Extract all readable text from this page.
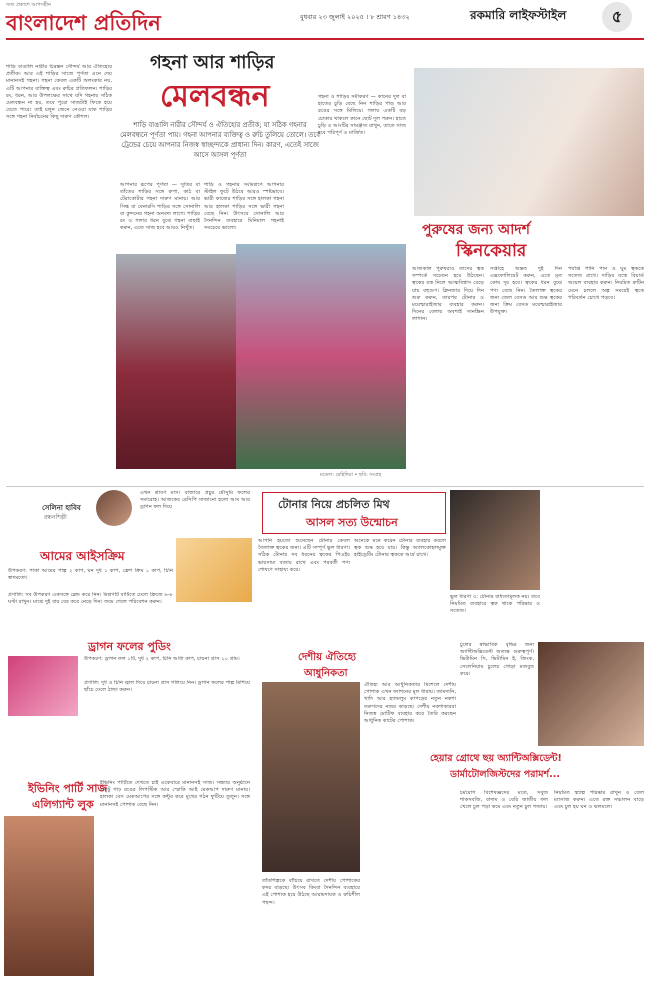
সত্য প্রকাশে আপসহীন
বাংলাদেশ প্রতিদিন	বুধবার ২৩ জুলাই ২০২৫ । ৮ শ্রাবণ ১৪৩২	রকমারি লাইফস্টাইল	৫
শাড়ি বাঙালি নারীর চিরন্তন সৌন্দর্য আর ঐতিহ্যের প্রতীক। আর এই শাড়ির সাজে পূর্ণতা এনে দেয় মানানসই গহনা। গহনা কেবল একটি অলংকার নয়, এটি আপনার ব্যক্তিত্ব এবং রুচির প্রতিফলন। শাড়ির রং, ধরন, আর উপলক্ষের সাথে যদি গহনার সঠিক মেলবন্ধন না হয়, তবে পুরো সাজটাই ফিকে হয়ে যেতে পারে। তাই চলুন জেনে নেওয়া যাক শাড়ির সঙ্গে গহনা নির্বাচনের কিছু দারুণ কৌশল।
গহনা আর শাড়ির
মেলবন্ধন
শাড়ি বাঙালি নারীর সৌন্দর্য ও ঐতিহ্যের প্রতীক; যা সঠিক গহনার মেলবন্ধনে পূর্ণতা পায়। গহনা আপনার ব্যক্তিত্ব ও রুচি তুলিয়ে তোলে। তবে ট্রেন্ডের চেয়ে আপনার নিজস্ব স্বাচ্ছন্দ্যকে প্রাধান্য দিন। কারণ, এতেই সাজে আসে আসল পূর্ণতা
আপনার রূপের পূর্ণতা — সুতির বা তাঁতের শাড়ির সঙ্গে রুপা, কাঠ বা টেরাকোটার গহনা দারুণ মানায়। আর সিল্ক বা বেনারসি শাড়ির সঙ্গে সোনালি বা কুন্দনের গহনা অনবদ্য লাগে। শাড়ির রং ও গলার ধরন বুঝে গহনা বাছাই করুন, এতে সাজ হবে আরও নিখুঁত।
শাড়ি ও গহনার সংমিশ্রণে আপনার স্টাইল ফুটে উঠবে আরও স্পষ্টভাবে। ভারী কাজের শাড়ির সঙ্গে হালকা গহনা আর হালকা শাড়ির সঙ্গে ভারী গহনা বেছে নিন। উৎসবে সোনালি আর দৈনন্দিন ব্যবহারে মিনিমাল গহনাই সবচেয়ে ভালো।
গহনা ও শাড়ির সমীকরণ — কানের দুল বা হাতের চুড়ি বেছে নিন শাড়ির পাড় আর রঙের সঙ্গে মিলিয়ে। গলায় একটি বড় চোকার থাকলে কানে ছোট দুল পরুন। হাতে চুড়ি ও আংটির সামঞ্জস্য রাখুন, তাতে সাজ হবে পরিপূর্ণ ও মার্জিত।
মডেল: মেহিদিয়া • ছবি: সংগ্রহ
পুরুষের জন্য আদর্শ
স্কিনকেয়ার
আজকাল পুরুষরাও তাদের ত্বক সম্পর্কে সচেতন হয়ে উঠছেন। ত্বকের যত্ন নিলে আত্মবিশ্বাস বেড়ে যায় বহুগুণ। ক্লিনজার দিয়ে দিন শুরু করুন, তারপর টোনার ও ময়েশ্চারাইজার ব্যবহার করুন। দিনের বেলায় অবশ্যই সানস্ক্রিন লাগান।
সপ্তাহে অন্তত দুই দিন এক্সফোলিয়েট করুন, এতে মৃত কোষ দূর হবে। ত্বকের ধরন বুঝে পণ্য বেছে নিন। তৈলাক্ত ত্বকের জন্য জেল বেসড আর শুষ্ক ত্বকের জন্য ক্রিম বেসড ময়েশ্চারাইজার উপযুক্ত।
পর্যাপ্ত পানি পান ও ঘুম ত্বককে সতেজ রাখে। দাড়ির যত্নে বিয়ার্ড অয়েল ব্যবহার করুন। নিয়মিত রুটিন মেনে চললে অল্প সময়েই ত্বকে পরিবর্তন চোখে পড়বে।
সেলিনা হাবিব
রন্ধনশিল্পী
এখন শ্রাবণ মাস। বাজারে প্রচুর মৌসুমি ফলের সমারোহ। আজকের রেসিপি সাজানো হলো আম আর ড্রাগন ফল দিয়ে
আমের আইসক্রিম
উপকরণ: পাকা আমের পাল্প ২ কাপ, ঘন দুধ ১ কাপ, ফ্রেশ ক্রিম ১ কাপ, চিনি স্বাদমতো।
প্রণালি: সব উপকরণ একসঙ্গে ব্লেন্ড করে নিন। মিশ্রণটি বাটিতে ঢেলে ফ্রিজে ৬-৮ ঘণ্টা রাখুন। মাঝে দুই বার বের করে নেড়ে দিন। জমে গেলে পরিবেশন করুন।
ড্রাগন ফলের পুডিং
উপকরণ: ড্রাগন ফল ১টি, দুধ ২ কাপ, চিনি আধা কাপ, চায়না গ্রাস ১০ গ্রাম।
প্রণালি: দুধ ও চিনি জ্বাল দিয়ে চায়না গ্রাস গলিয়ে নিন। ড্রাগন ফলের পাল্প মিশিয়ে ছাঁচে ঢেলে ঠান্ডা করুন।
টোনার নিয়ে প্রচলিত মিথ
আসল সত্য উন্মোচন
আপনি হয়তো শুনেছেন টোনার কেবল তৈলাক্ত ত্বকের জন্য। এটি সম্পূর্ণ ভুল ধারণা। সঠিক টোনার সব ধরনের ত্বকের পিএইচ ভারসাম্য বজায় রাখে এবং পরবর্তী পণ্য শোষণে সাহায্য করে।
অনেকে মনে করেন টোনার ব্যবহার করলে ত্বক শুষ্ক হয়ে যায়। কিন্তু অ্যালকোহলমুক্ত হাইড্রেটিং টোনার ত্বককে আর্দ্র রাখে।
ভুল ধারণা ৩: টোনার বাধ্যতামূলক নয়। তবে নিয়মিত ব্যবহারে ত্বক থাকে পরিষ্কার ও সতেজ।
দেশীয় ঐতিহ্যে
আধুনিকতা
ঐতিহ্য আর আধুনিকতার মিশেলে দেশীয় পোশাক এখন ফ্যাশনের মূল ধারায়। জামদানি, খাদি আর হ্যান্ডলুম কাপড়ের নতুন নকশা তরুণদের নজর কাড়ছে। দেশীয় নকশাকাররা নিজস্ব মোটিফ ব্যবহার করে তৈরি করছেন আধুনিক কাটের পোশাক।
তাঁতশিল্পকে বাঁচিয়ে রাখতে দেশীয় পোশাকের কদর বাড়ছে। উৎসব কিংবা দৈনন্দিন ব্যবহারে এই পোশাক হয়ে উঠছে আরামদায়ক ও রুচিশীল পছন্দ।
ইভিনিং পার্টি সাজ
এলিগ্যান্ট লুক
ইভিনিং পার্টিতে দেখতে চাই একেবারে মানানসই সাজ। সন্ধ্যার অনুষ্ঠানে একটু গাঢ় রঙের লিপস্টিক আর স্মোকি আই মেকআপ দারুণ মানায়। হালকা বেস মেকআপের সঙ্গে কন্টুর করে মুখের গঠন ফুটিয়ে তুলুন। সঙ্গে মানানসই পোশাক বেছে নিন।
চুলের স্বাভাবিক বৃদ্ধির জন্য অ্যান্টিঅক্সিডেন্ট অত্যন্ত গুরুত্বপূর্ণ। ভিটামিন সি, ভিটামিন ই, জিংক, সেলেনিয়াম চুলের গোড়া মজবুত করে।
হেয়ার গ্রোথে ছয় অ্যান্টিঅক্সিডেন্ট!
ডার্মাটোলজিস্টদের পরামর্শ...
চর্মরোগ বিশেষজ্ঞদের মতে, সবুজ শাকসবজি, বাদাম ও বেরি জাতীয় ফল খেলে চুল পড়া কমে এবং নতুন চুল গজায়।
নিয়মিত স্ক্যাল্প পরিষ্কার রাখুন ও তেল ম্যাসাজ করুন। এতে রক্ত সঞ্চালন বাড়ে এবং চুল হয় ঘন ও ঝলমলে।
